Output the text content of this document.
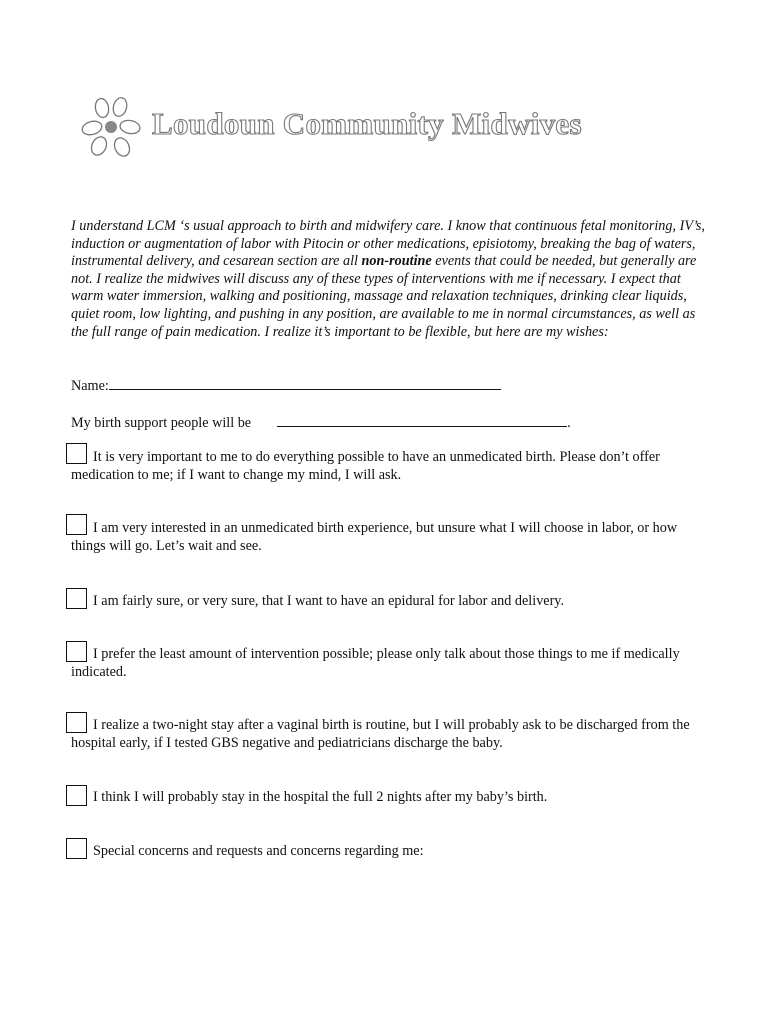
Loudoun Community Midwives

I understand LCM ‘s usual approach to birth and midwifery care. I know that continuous fetal monitoring, IV’s, induction or augmentation of labor with Pitocin or other medications, episiotomy, breaking the bag of waters, instrumental delivery, and cesarean section are all non-routine events that could be needed, but generally are not. I realize the midwives will discuss any of these types of interventions with me if necessary. I expect that warm water immersion, walking and positioning, massage and relaxation techniques, drinking clear liquids, quiet room, low lighting, and pushing in any position, are available to me in normal circumstances, as well as the full range of pain medication. I realize it’s important to be flexible, but here are my wishes:

Name:
My birth support people will be	.

It is very important to me to do everything possible to have an unmedicated birth. Please don’t offer medication to me; if I want to change my mind, I will ask.

I am very interested in an unmedicated birth experience, but unsure what I will choose in labor, or how things will go. Let’s wait and see.

I am fairly sure, or very sure, that I want to have an epidural for labor and delivery.

I prefer the least amount of intervention possible; please only talk about those things to me if medically indicated.

I realize a two-night stay after a vaginal birth is routine, but I will probably ask to be discharged from the hospital early, if I tested GBS negative and pediatricians discharge the baby.

I think I will probably stay in the hospital the full 2 nights after my baby’s birth.

Special concerns and requests and concerns regarding me:
